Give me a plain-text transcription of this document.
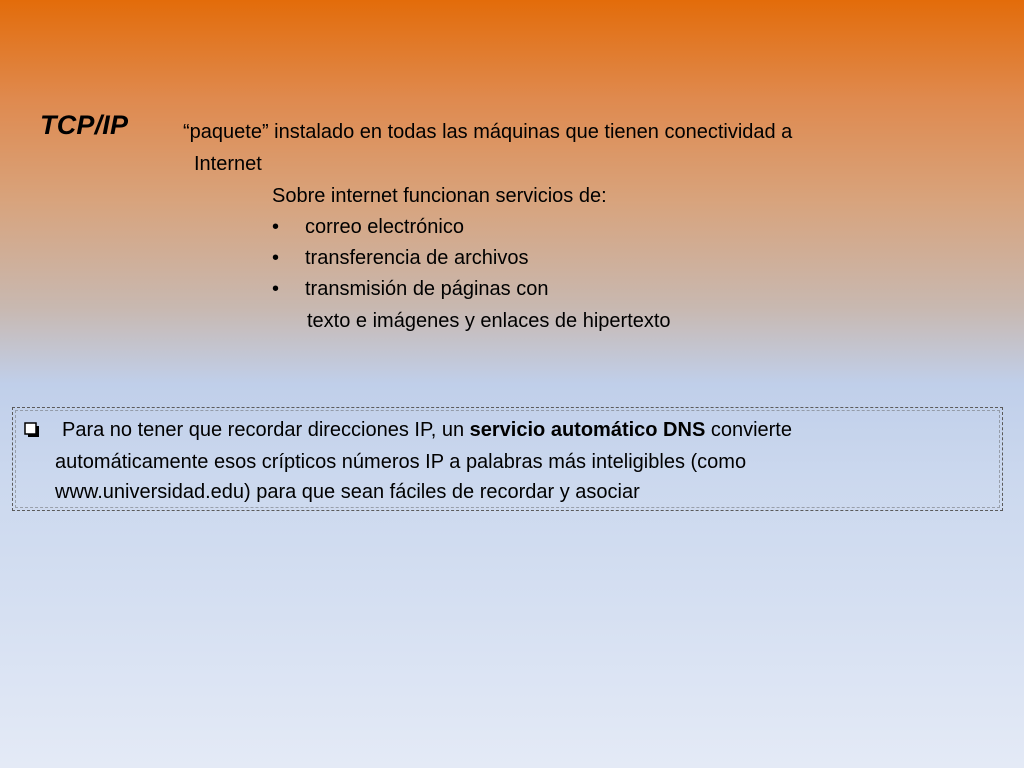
TCP/IP	“paquete” instalado en todas las máquinas que tienen conectividad a
Internet
Sobre internet funcionan servicios de:
• correo electrónico
• transferencia de archivos
• transmisión de páginas con
texto e imágenes y enlaces de hipertexto
Para no tener que recordar direcciones IP, un servicio automático DNS convierte
automáticamente esos crípticos números IP a palabras más inteligibles (como
www.universidad.edu) para que sean fáciles de recordar y asociar
